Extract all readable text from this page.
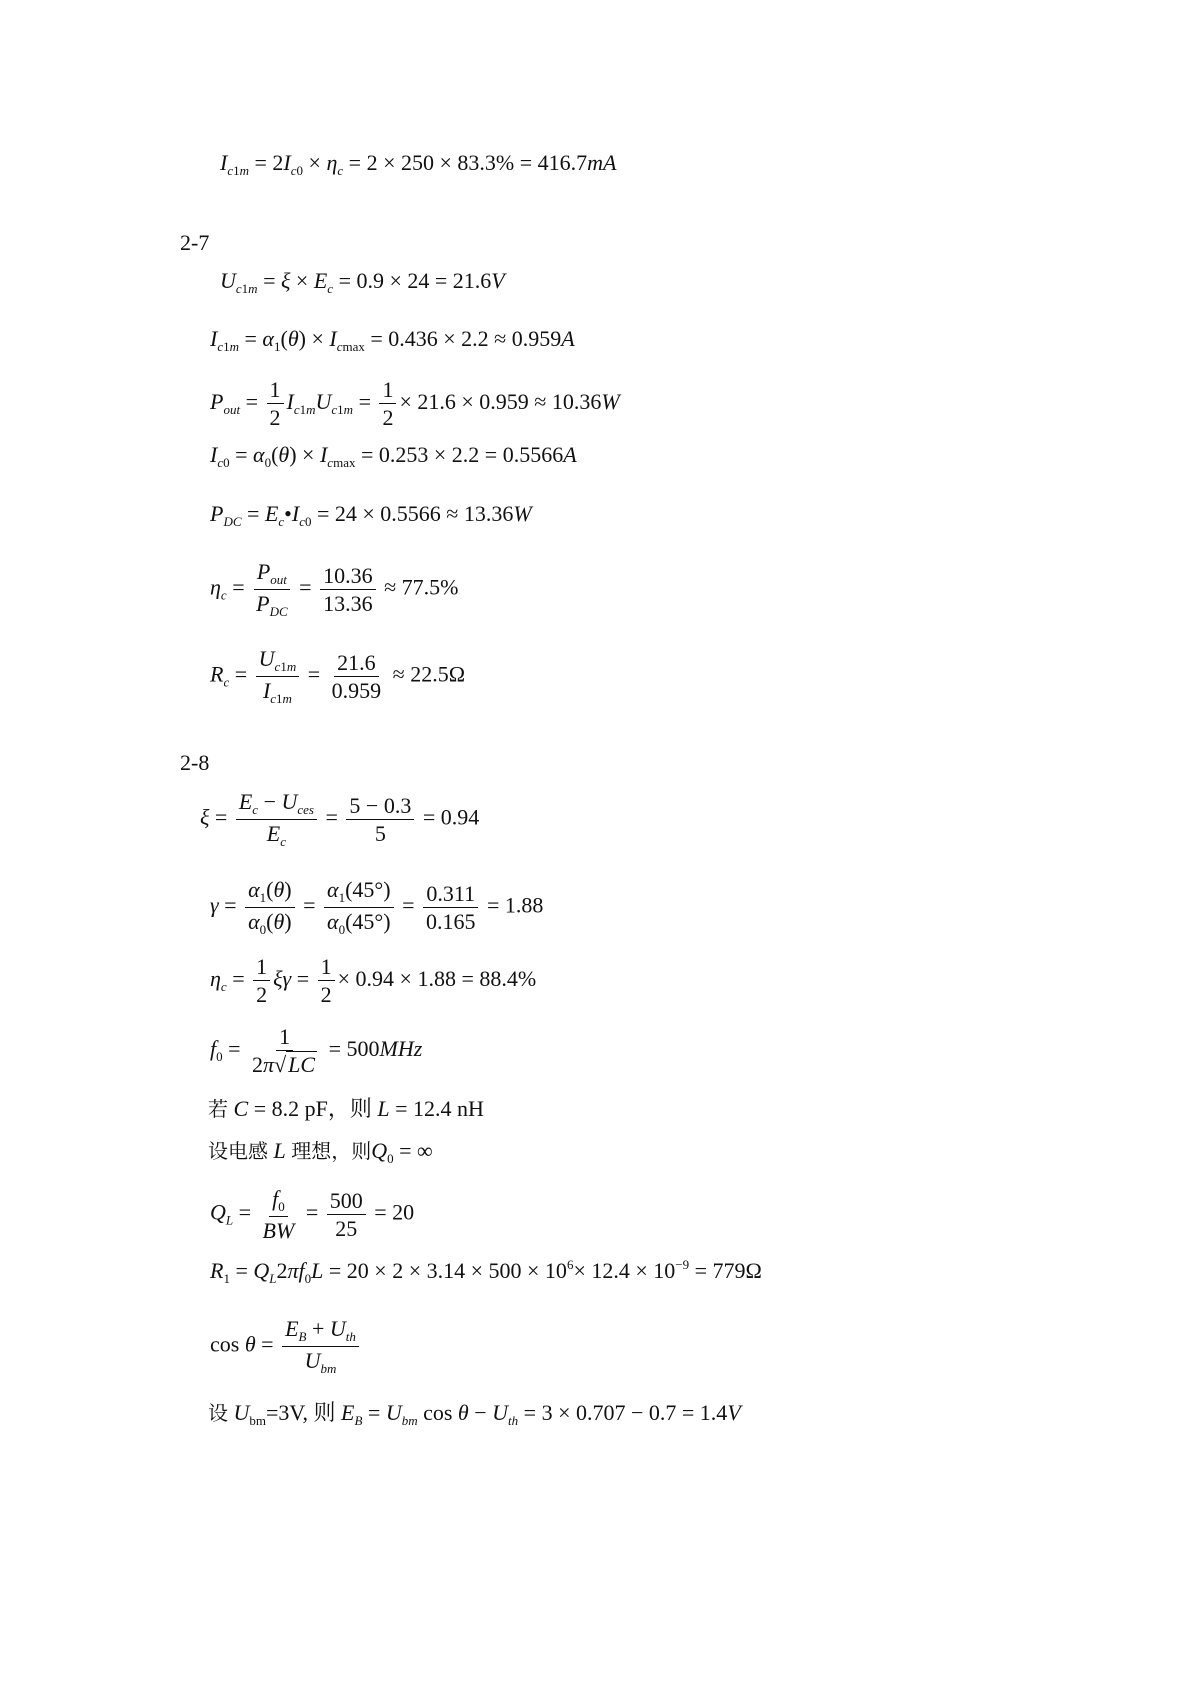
$I_{c1m} = 2I_{c0} \times \eta_c = 2 \times 250 \times 83.3\% = 416.7mA$
2-7
$U_{c1m} = \xi \times E_c = 0.9 \times 24 = 21.6V$
$I_{c1m} = \alpha_1(\theta) \times I_{cmax} = 0.436 \times 2.2 \approx 0.959A$
$P_{out} = \frac{1}{2} I_{c1m}U_{c1m} = \frac{1}{2} \times 21.6 \times 0.959 \approx 10.36W$
$I_{c0} = \alpha_0(\theta) \times I_{cmax} = 0.253 \times 2.2 = 0.5566A$
$P_{DC}$ = $E_c•I_{c0} = 24 \times 0.5566 \approx 13.36W$
$\eta_c$ =
$P_{out}$
$P_{DC}$
= $\frac{10.36}{13.36} \approx 77.5\%$
$R_c = \frac{U_{c1m}}{I_{c1m}} = \frac{21.6}{0.959} \approx 22.5\Omega$
2-8
ξ =
$E_c - U_{ces}$
$E_c$
= $\frac{5 - 0.3}{5} = 0.94$
$\gamma = \frac{\alpha_1(\theta)}{\alpha_0(\theta)} = \frac{\alpha_1(45^\circ)}{\alpha_0(45^\circ)} = \frac{0.311}{0.165} = 1.88$
$\eta_c = \frac{1}{2}$ $\xi\gamma = \frac{1}{2} \times 0.94 \times 1.88 = 88.4\%$
$f_0 = \frac{1}{2\pi√LC} = 500MHz$
若 C = 8.2 pF，则 L = 12.4 nH
设电感 L 理想，则$Q_0$ = ∞
$Q_L = \frac{f_0}{BW} = \frac{500}{25} = 20$
$R_1 = Q_L2\pi f_0L = 20 \times 2 \times 3.14 \times 500 \times 10^6\times 12.4 \times 10^{-9} = 779\Omega$
cos θ =
$E_B + U_{th}$
$U_{bm}$
设 $U_{bm}=3V$, 则 $E_B = U_{bm}$ $\cos \theta - U_{th} = 3 \times 0.707 - 0.7 = 1.4V$
